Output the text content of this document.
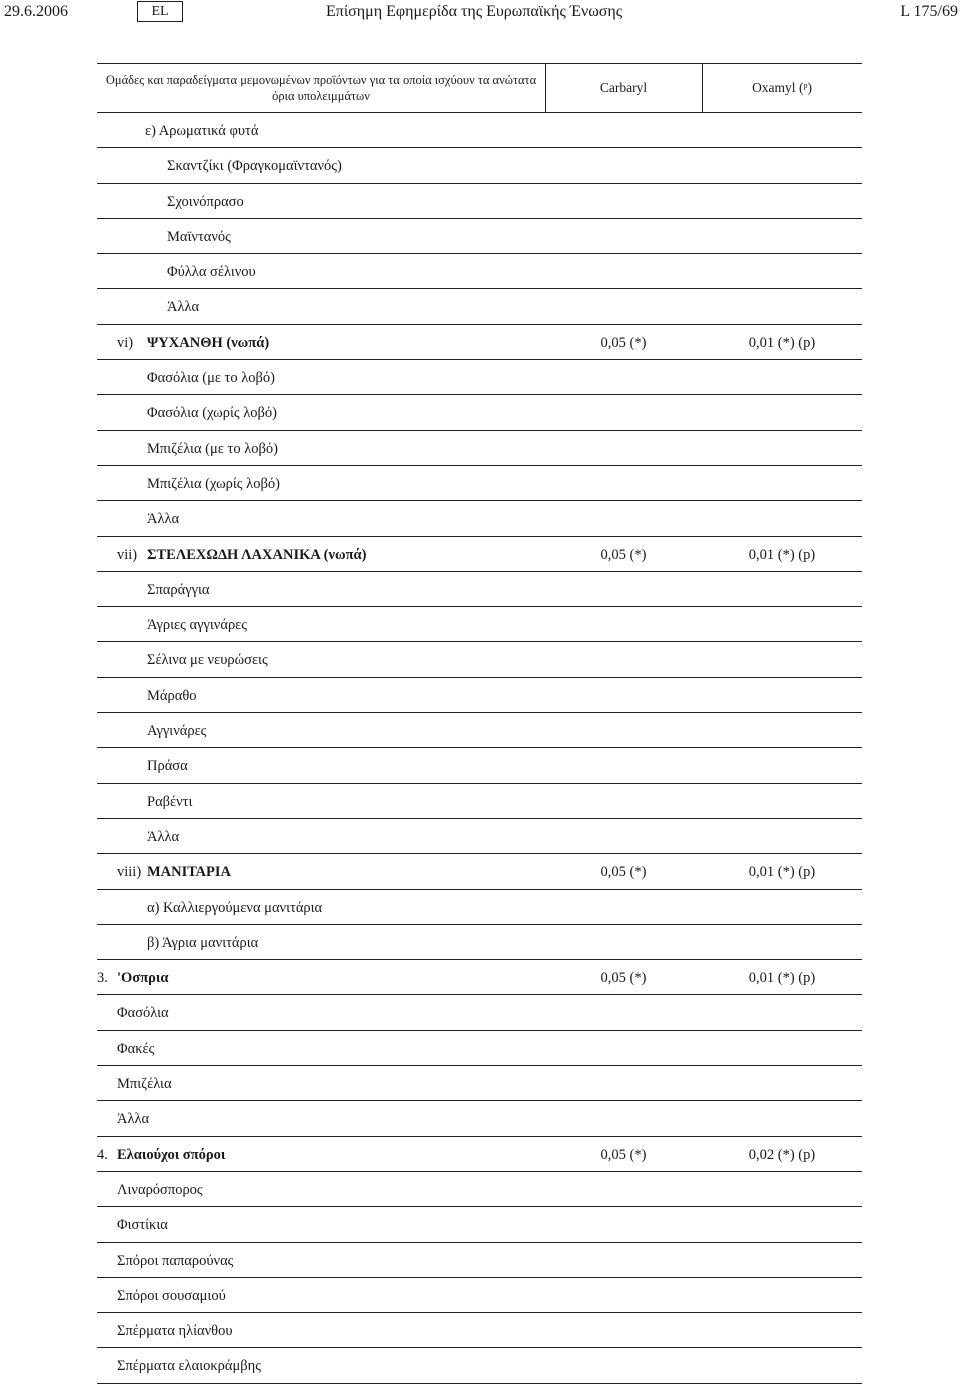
29.6.2006	EL	Επίσημη Εφημερίδα της Ευρωπαϊκής Ένωσης	L 175/69
Ομάδες και παραδείγματα μεμονωμένων προϊόντων για τα οποία ισχύουν τα ανώτατα όρια υπολειμμάτων
Carbaryl	Oxamyl ($^p$)
ε) Αρωματικά φυτά
Σκαντζίκι (Φραγκομαϊντανός)
Σχοινόπρασο
Μαϊντανός
Φύλλα σέλινου
Άλλα
vi) ΨΥΧΑΝΘΗ (νωπά)	0,05 (*)	0,01 (*) (p)
Φασόλια (με το λοβό)
Φασόλια (χωρίς λοβό)
Μπιζέλια (με το λοβό)
Μπιζέλια (χωρίς λοβό)
Άλλα
vii) ΣΤΕΛΕΧΩΔΗ ΛΑΧΑΝΙΚΑ (νωπά)	0,05 (*)	0,01 (*) (p)
Σπαράγγια
Άγριες αγγινάρες
Σέλινα με νευρώσεις
Μάραθο
Αγγινάρες
Πράσα
Ραβέντι
Άλλα
viii) ΜΑΝΙΤΑΡΙΑ	0,05 (*)	0,01 (*) (p)
α) Καλλιεργούμενα μανιτάρια
β) Άγρια μανιτάρια
3. 'Οσπρια	0,05 (*)	0,01 (*) (p)
Φασόλια
Φακές
Μπιζέλια
Άλλα
4. Ελαιούχοι σπόροι	0,05 (*)	0,02 (*) (p)
Λιναρόσπορος
Φιστίκια
Σπόροι παπαρούνας
Σπόροι σουσαμιού
Σπέρματα ηλίανθου
Σπέρματα ελαιοκράμβης
